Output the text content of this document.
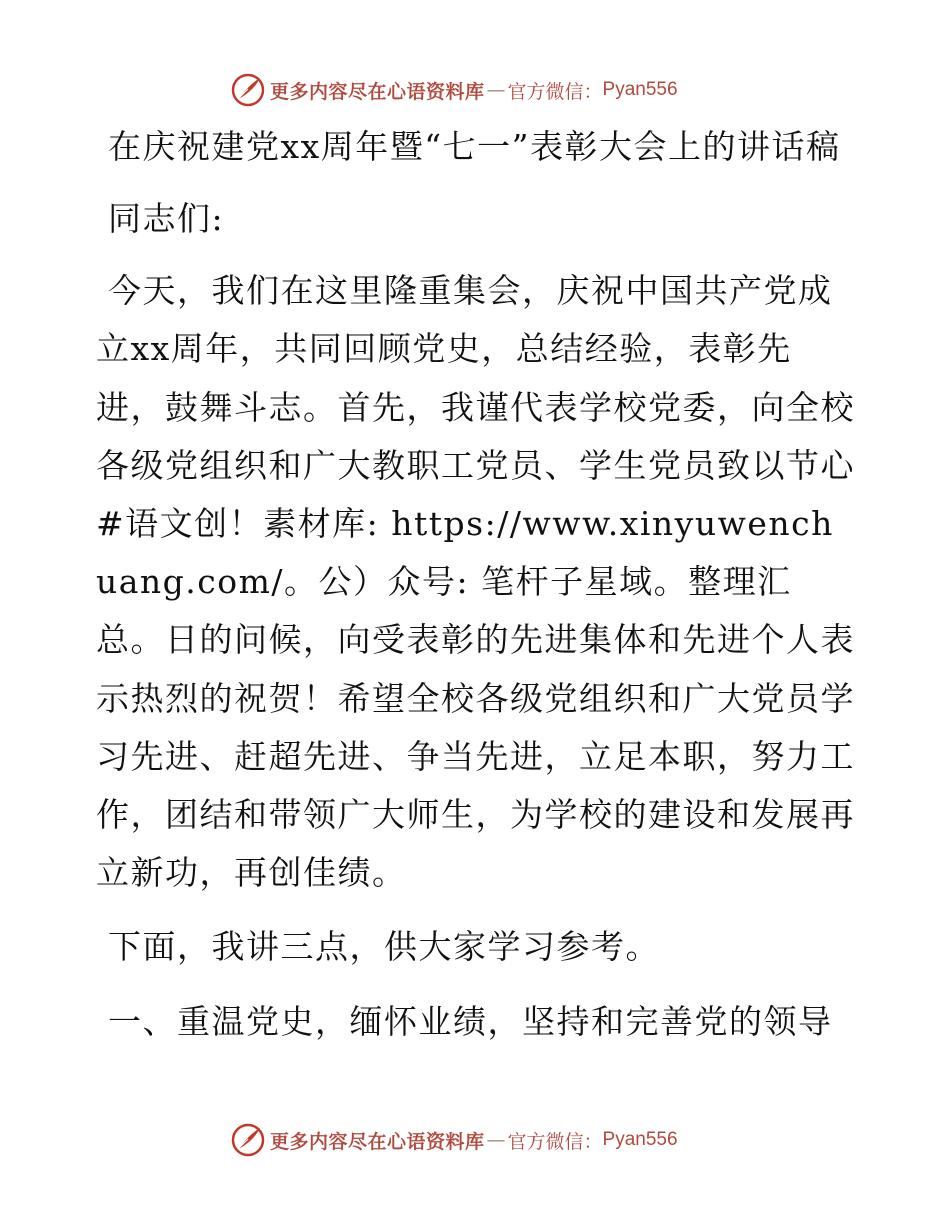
更多内容尽在心语资料库 — 官方微信： Pyan556

在庆祝建党xx周年暨“七一”表彰大会上的讲话稿

同志们:

今天，我们在这里隆重集会，庆祝中国共产党成立xx周年，共同回顾党史，总结经验，表彰先进，鼓舞斗志。首先，我谨代表学校党委，向全校各级党组织和广大教职工党员、学生党员致以节心#语文创！素材库: https://www.xinyuwenchuang.com/。公）众号: 笔杆子星域。整理汇总。日的问候，向受表彰的先进集体和先进个人表示热烈的祝贺！希望全校各级党组织和广大党员学习先进、赶超先进、争当先进，立足本职，努力工作，团结和带领广大师生，为学校的建设和发展再立新功，再创佳绩。

下面，我讲三点，供大家学习参考。

一、重温党史，缅怀业绩，坚持和完善党的领导

更多内容尽在心语资料库 — 官方微信： Pyan556
